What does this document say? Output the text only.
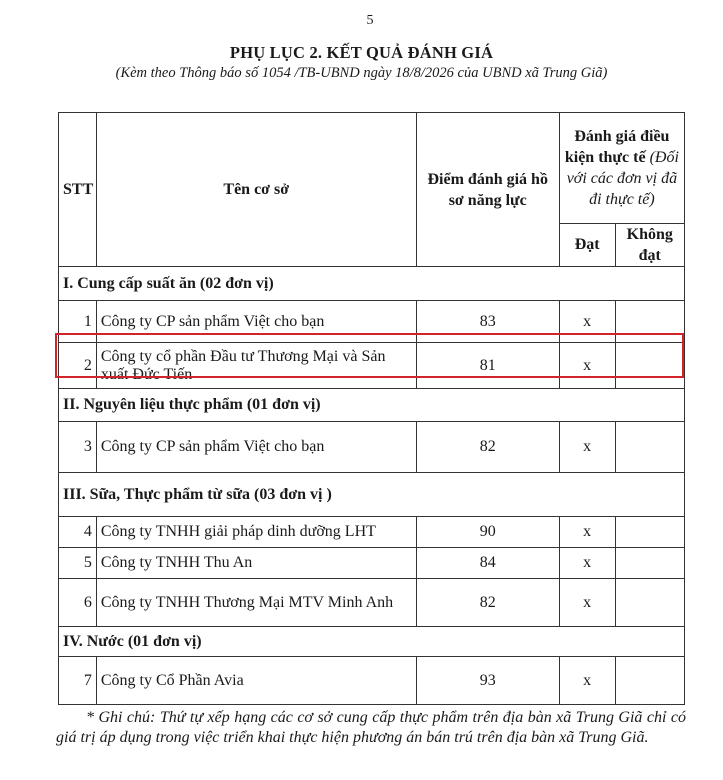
5
PHỤ LỤC 2. KẾT QUẢ ĐÁNH GIÁ
(Kèm theo Thông báo số 1054 /TB-UBND ngày 18/8/2026 của UBND xã Trung Giã)
STT	Tên cơ sở	Điểm đánh giá hồ sơ năng lực	Đánh giá điều kiện thực tế (Đối với các đơn vị đã đi thực tế)	
			Đạt	Không đạt
I. Cung cấp suất ăn (02 đơn vị)				
1	Công ty CP sản phẩm Việt cho bạn	83	x	
2	Công ty cổ phần Đầu tư Thương Mại và Sản xuất Đức Tiến	81	x	
II. Nguyên liệu thực phẩm (01 đơn vị)				
3	Công ty CP sản phẩm Việt cho bạn	82	x	
III. Sữa, Thực phẩm từ sữa (03 đơn vị )				
4	Công ty TNHH giải pháp dinh dưỡng LHT	90	x	
5	Công ty TNHH Thu An	84	x	
6	Công ty TNHH Thương Mại MTV Minh Anh	82	x	
IV. Nước (01 đơn vị)				
7	Công ty Cổ Phần Avia	93	x	
* Ghi chú: Thứ tự xếp hạng các cơ sở cung cấp thực phẩm trên địa bàn xã Trung Giã chỉ có giá trị áp dụng trong việc triển khai thực hiện phương án bán trú trên địa bàn xã Trung Giã.
